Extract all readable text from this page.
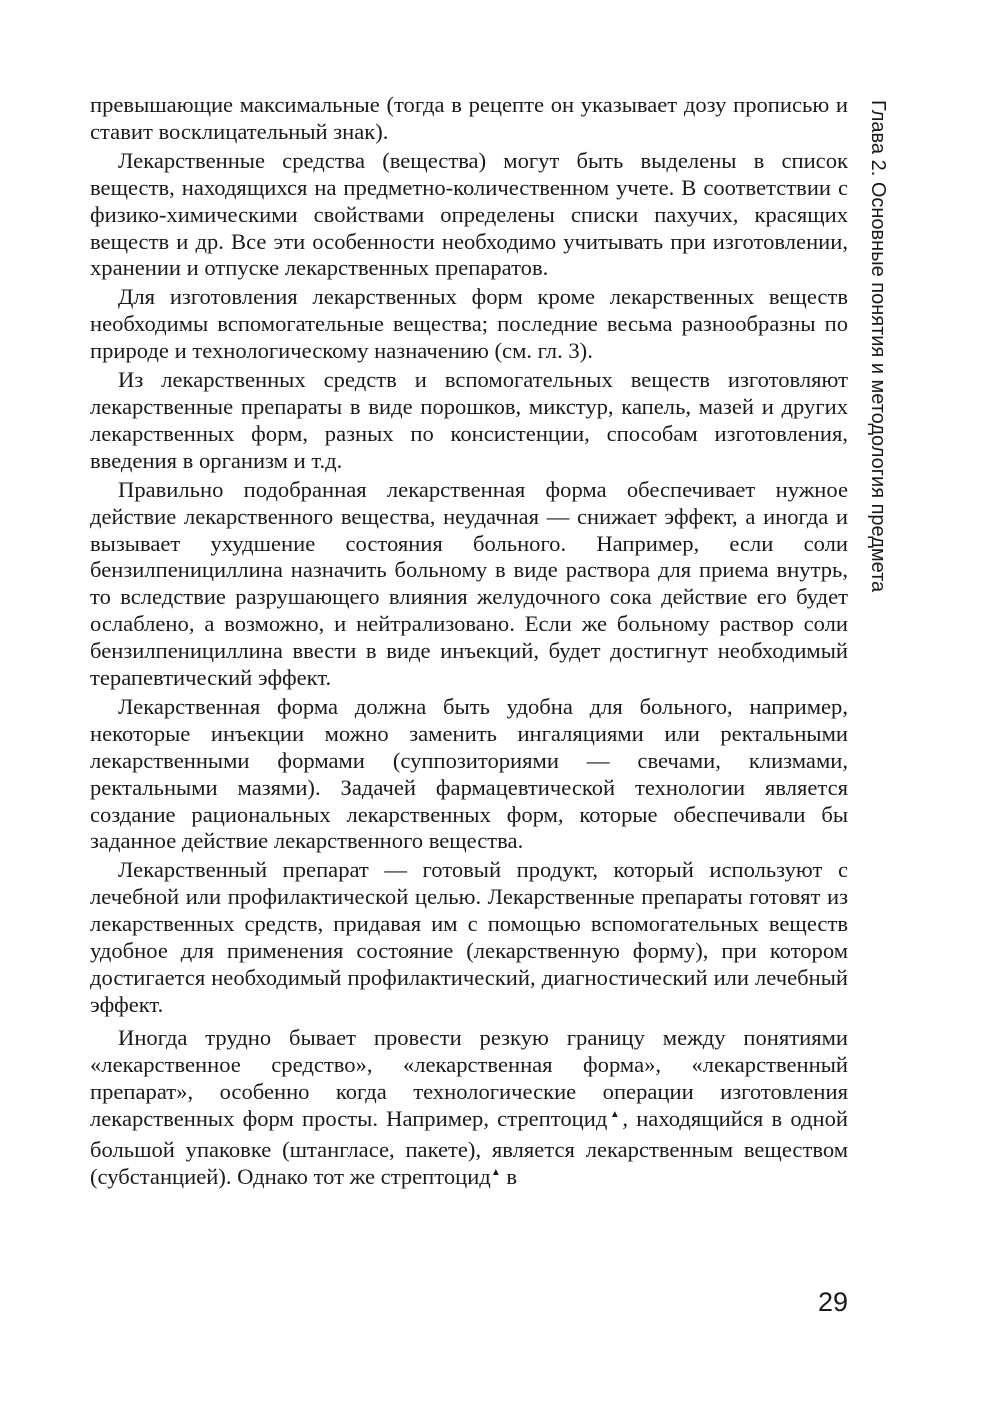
превышающие максимальные (тогда в рецепте он указывает дозу прописью и ставит восклицательный знак).

Лекарственные средства (вещества) могут быть выделены в список веществ, находящихся на предметно-количественном учете. В соответствии с физико-химическими свойствами определены списки пахучих, красящих веществ и др. Все эти особенности необходимо учитывать при изготовлении, хранении и отпуске лекарственных препаратов.

Для изготовления лекарственных форм кроме лекарственных веществ необходимы вспомогательные вещества; последние весьма разнообразны по природе и технологическому назначению (см. гл. 3).

Из лекарственных средств и вспомогательных веществ изготовляют лекарственные препараты в виде порошков, микстур, капель, мазей и других лекарственных форм, разных по консистенции, способам изготовления, введения в организм и т.д.

Правильно подобранная лекарственная форма обеспечивает нужное действие лекарственного вещества, неудачная — снижает эффект, а иногда и вызывает ухудшение состояния больного. Например, если соли бензилпенициллина назначить больному в виде раствора для приема внутрь, то вследствие разрушающего влияния желудочного сока действие его будет ослаблено, а возможно, и нейтрализовано. Если же больному раствор соли бензилпенициллина ввести в виде инъекций, будет достигнут необходимый терапевтический эффект.

Лекарственная форма должна быть удобна для больного, например, некоторые инъекции можно заменить ингаляциями или ректальными лекарственными формами (суппозиториями — свечами, клизмами, ректальными мазями). Задачей фармацевтической технологии является создание рациональных лекарственных форм, которые обеспечивали бы заданное действие лекарственного вещества.

Лекарственный препарат — готовый продукт, который используют с лечебной или профилактической целью. Лекарственные препараты готовят из лекарственных средств, придавая им с помощью вспомогательных веществ удобное для применения состояние (лекарственную форму), при котором достигается необходимый профилактический, диагностический или лечебный эффект.

Иногда трудно бывает провести резкую границу между понятиями «лекарственное средство», «лекарственная форма», «лекарственный препарат», особенно когда технологические операции изготовления лекарственных форм просты. Например, стрептоцид▲, находящийся в одной большой упаковке (штангласе, пакете), является лекарственным веществом (субстанцией). Однако тот же стрептоцид▲ в

Глава 2. Основные понятия и методология предмета
29
